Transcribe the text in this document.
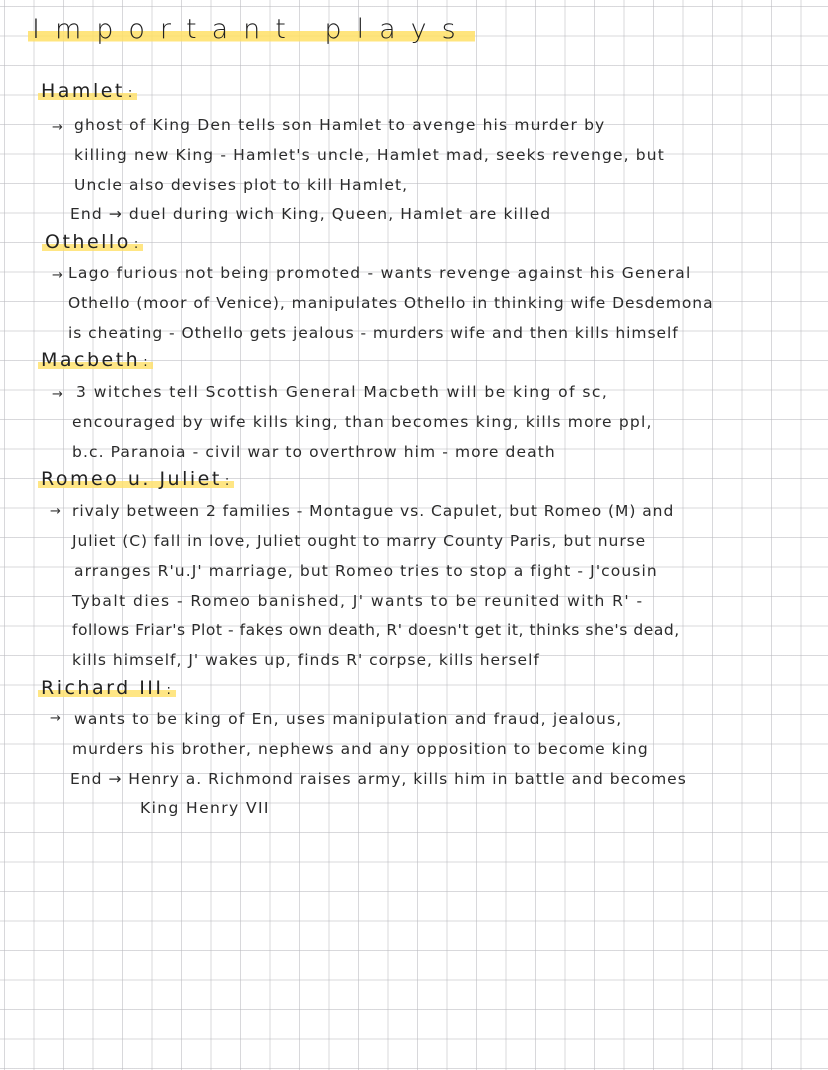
Important plays
Hamlet :
→ ghost of King Den tells son Hamlet to avenge his murder by
killing new King - Hamlet's uncle, Hamlet mad, seeks revenge, but
Uncle also devises plot to kill Hamlet,
End → duel during wich King, Queen, Hamlet are killed
Othello :
→ Lago furious not being promoted - wants revenge against his General
Othello (moor of Venice), manipulates Othello in thinking wife Desdemona
is cheating - Othello gets jealous - murders wife and then kills himself
Macbeth :
→ 3 witches tell Scottish General Macbeth will be king of sc,
encouraged by wife kills king, than becomes king, kills more ppl,
b.c. Paranoia - civil war to overthrow him - more death
Romeo u. Juliet :
→ rivaly between 2 families - Montague vs. Capulet, but Romeo (M) and
Juliet (C) fall in love, Juliet ought to marry County Paris, but nurse
arranges R'u.J' marriage, but Romeo tries to stop a fight - J'cousin
Tybalt dies - Romeo banished, J' wants to be reunited with R' -
follows Friar's Plot - fakes own death, R' doesn't get it, thinks she's dead,
kills himself, J' wakes up, finds R' corpse, kills herself
Richard III :
→ wants to be king of En, uses manipulation and fraud, jealous,
murders his brother, nephews and any opposition to become king
End → Henry a. Richmond raises army, kills him in battle and becomes
King Henry VII
